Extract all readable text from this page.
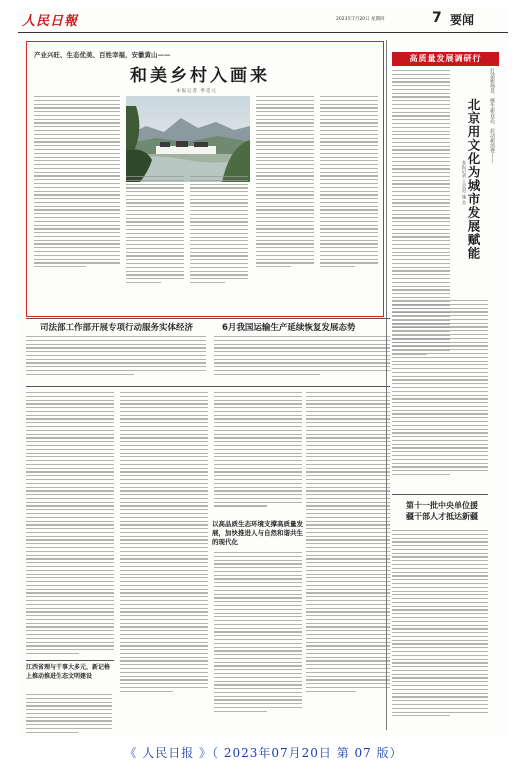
人民日報	2023年7月20日 星期四	7 要闻
产业兴旺、生态优美、百姓幸福，安徽黄山——
和美乡村入画来
本报记者 季觅元
高质量发展调研行
打造新场景、催生新业态、拉动新消费——
北京用文化为城市发展赋能
本报记者 王昊男 施 芳
司法部工作部开展专项行动服务实体经济	6月我国运输生产延续恢复发展态势
以高品质生态环境支撑高质量发展，加快推进人与自然和谐共生的现代化
江西省理与干事大多元，新记格上推动推进生态文明建设
第十一批中央单位援疆干部人才抵达新疆
《 人民日报 》（ 2023年07月20日 第 07 版）
